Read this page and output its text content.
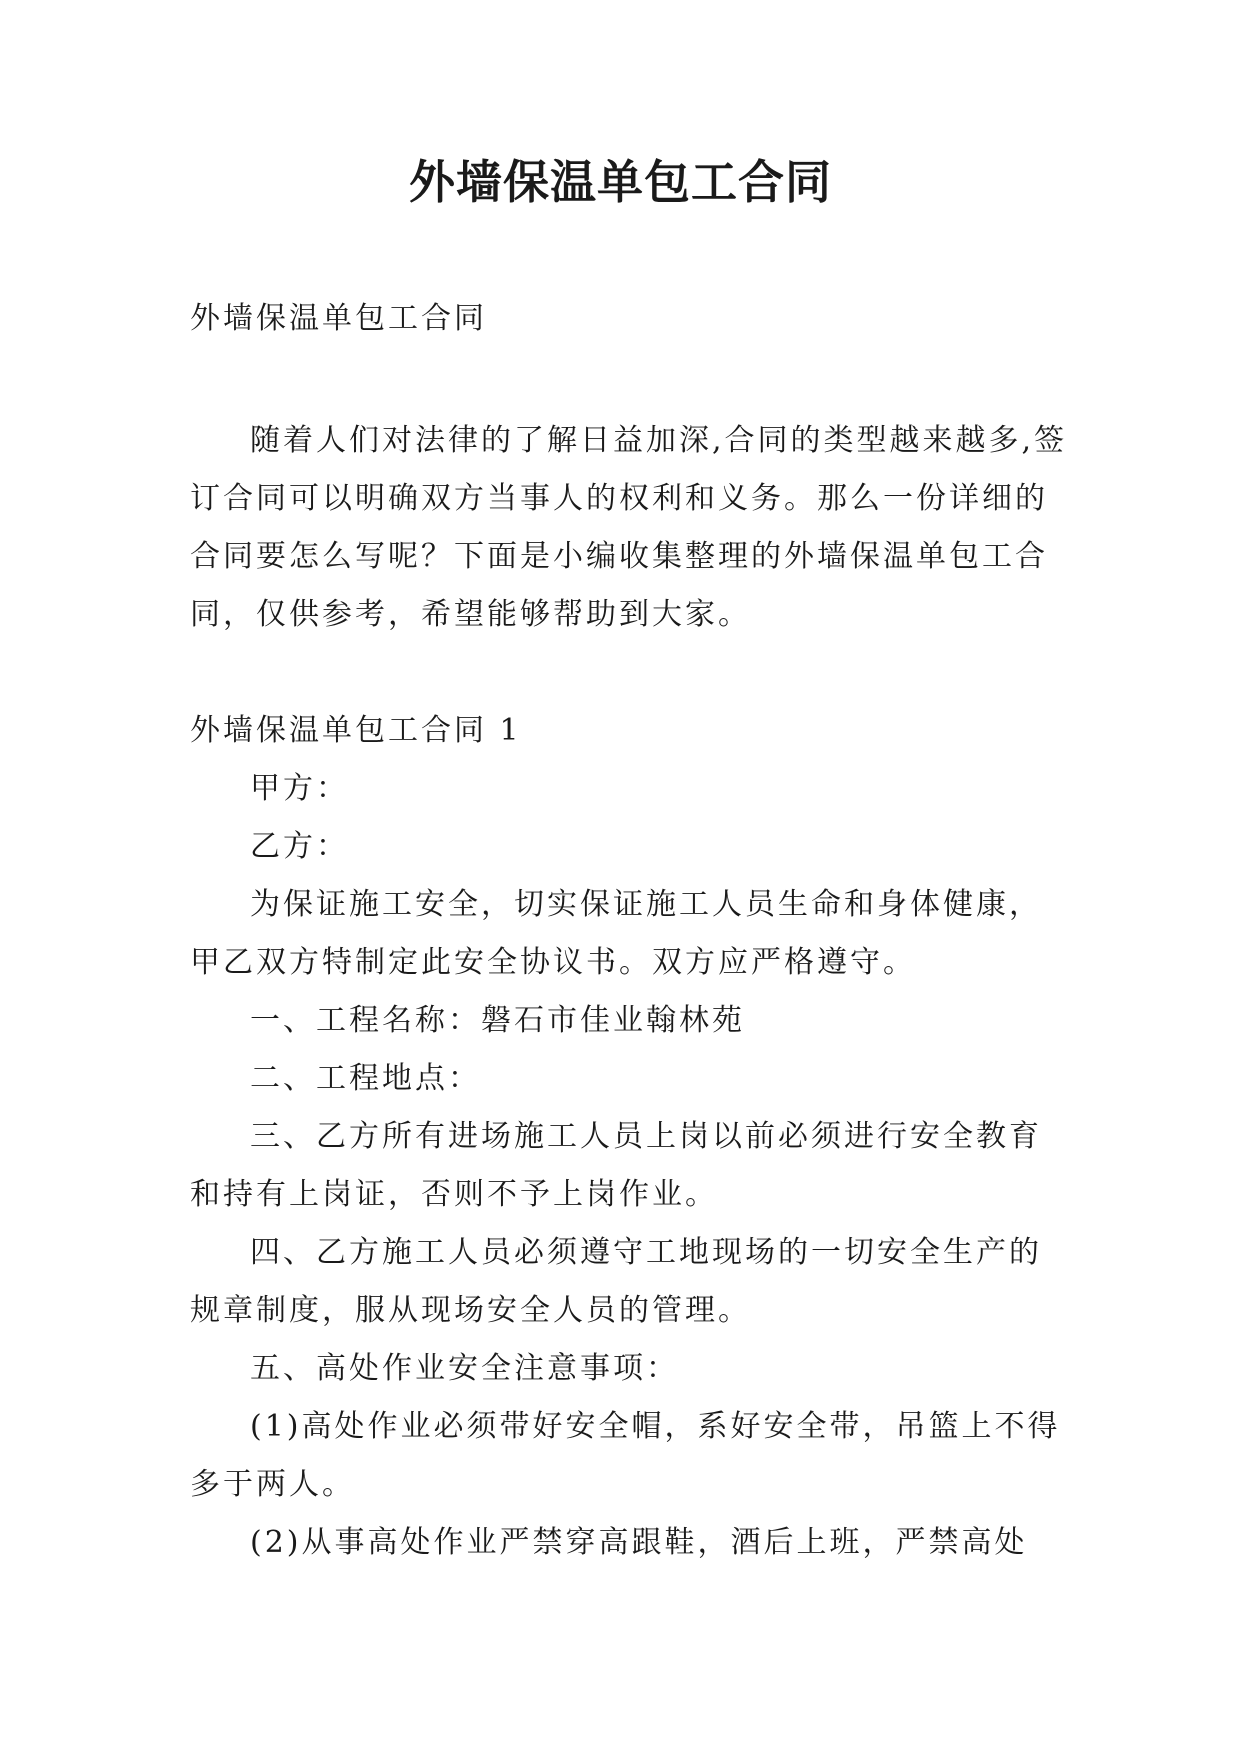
外墙保温单包工合同

外墙保温单包工合同

随着人们对法律的了解日益加深,合同的类型越来越多,签订合同可以明确双方当事人的权利和义务。那么一份详细的合同要怎么写呢？下面是小编收集整理的外墙保温单包工合同，仅供参考，希望能够帮助到大家。

外墙保温单包工合同 1

甲方：

乙方：

为保证施工安全，切实保证施工人员生命和身体健康，甲乙双方特制定此安全协议书。双方应严格遵守。

一、工程名称：磐石市佳业翰林苑

二、工程地点：

三、乙方所有进场施工人员上岗以前必须进行安全教育和持有上岗证，否则不予上岗作业。

四、乙方施工人员必须遵守工地现场的一切安全生产的规章制度，服从现场安全人员的管理。

五、高处作业安全注意事项：

(1)高处作业必须带好安全帽，系好安全带，吊篮上不得多于两人。

(2)从事高处作业严禁穿高跟鞋，酒后上班，严禁高处
